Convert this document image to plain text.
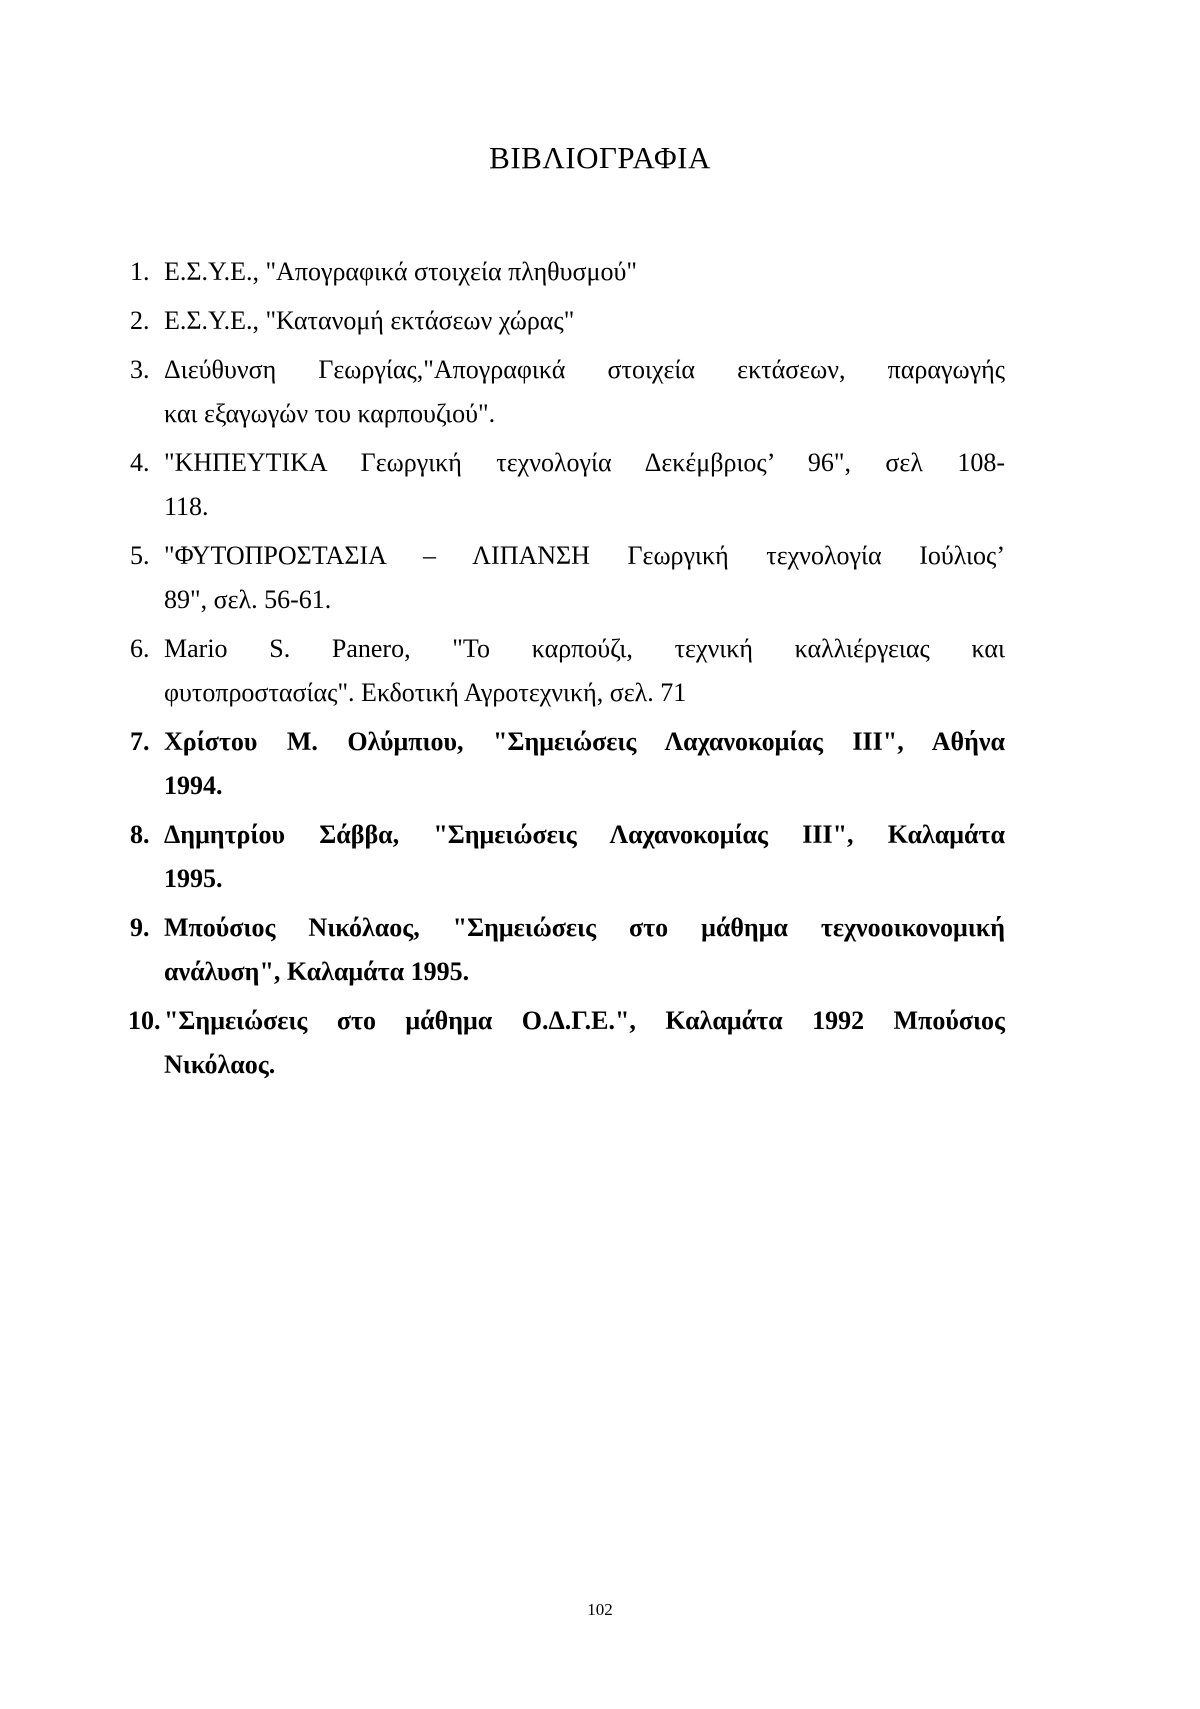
ΒΙΒΛΙΟΓΡΑΦΙΑ
1. Ε.Σ.Υ.Ε., "Απογραφικά στοιχεία πληθυσμού"
2. Ε.Σ.Υ.Ε., "Κατανομή εκτάσεων χώρας"
3. Διεύθυνση Γεωργίας,"Απογραφικά στοιχεία εκτάσεων, παραγωγής
και εξαγωγών του καρπουζιού".
4. "ΚΗΠΕΥΤΙΚΑ Γεωργική τεχνολογία Δεκέμβριος’ 96", σελ 108-
118.
5. "ΦΥΤΟΠΡΟΣΤΑΣΙΑ – ΛΙΠΑΝΣΗ Γεωργική τεχνολογία Ιούλιος’
89", σελ. 56-61.
6. Mario S. Panero, "Το καρπούζι, τεχνική καλλιέργειας και
φυτοπροστασίας". Εκδοτική Αγροτεχνική, σελ. 71
7. Χρίστου Μ. Ολύμπιου, "Σημειώσεις Λαχανοκομίας ΙΙΙ", Αθήνα
1994.
8. Δημητρίου Σάββα, "Σημειώσεις Λαχανοκομίας ΙΙΙ", Καλαμάτα
1995.
9. Μπούσιος Νικόλαος, "Σημειώσεις στο μάθημα τεχνοοικονομική
ανάλυση", Καλαμάτα 1995.
10. "Σημειώσεις στο μάθημα Ο.Δ.Γ.Ε.", Καλαμάτα 1992 Μπούσιος
Νικόλαος.
102
